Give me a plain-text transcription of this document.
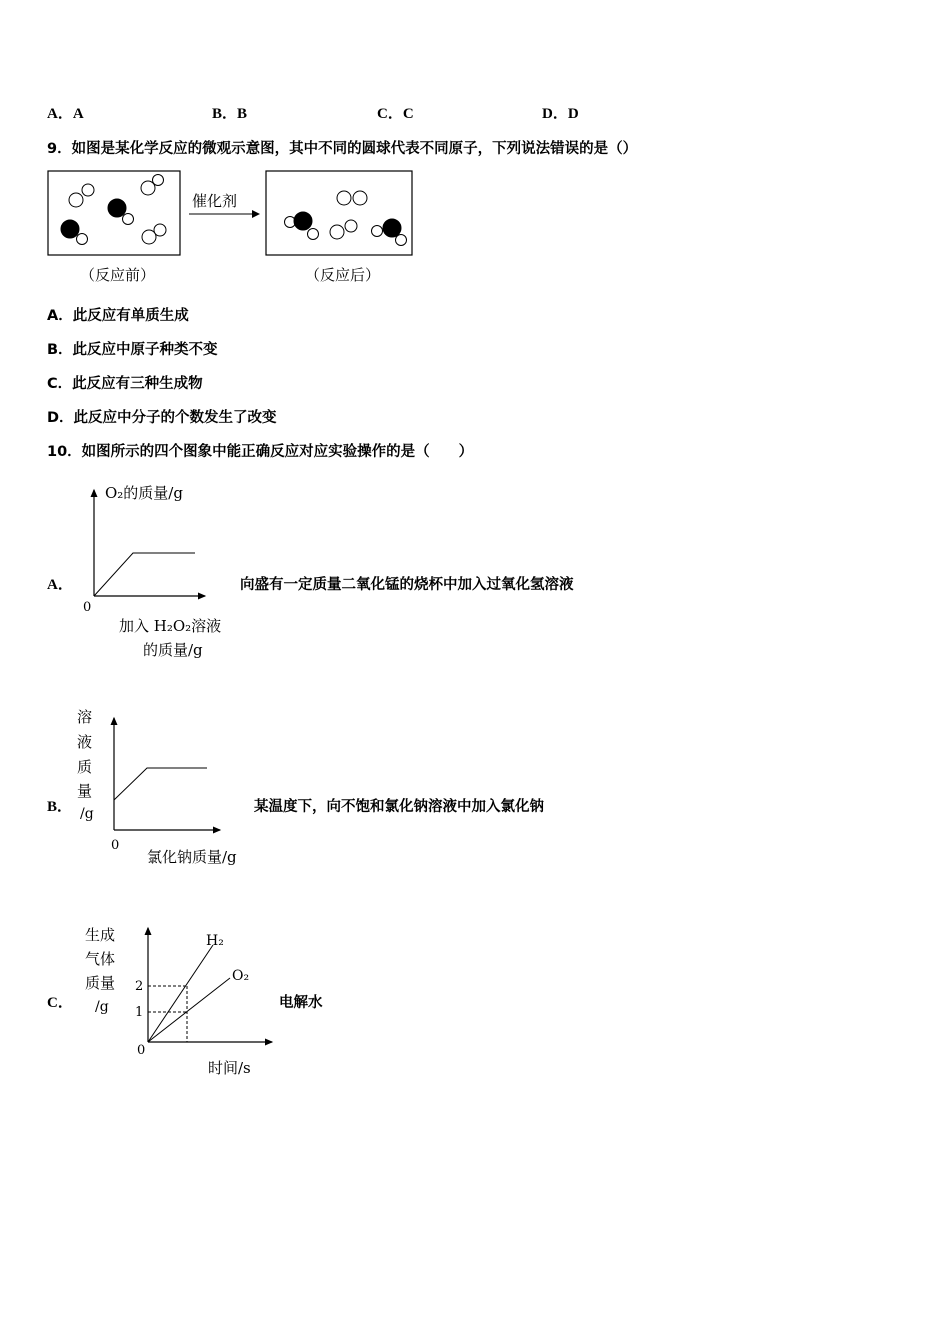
A．A	B．B	C．C	D．D
9．如图是某化学反应的微观示意图，其中不同的圆球代表不同原子，下列说法错误的是（）
催化剂
（反应前）	（反应后）
A．此反应有单质生成
B．此反应中原子种类不变
C．此反应有三种生成物
D．此反应中分子的个数发生了改变
10．如图所示的四个图象中能正确反应对应实验操作的是（　　）
A．
O₂的质量/g
0
加入 H₂O₂溶液
的质量/g
向盛有一定质量二氧化锰的烧杯中加入过氧化氢溶液
B．
溶
液
质
量
/g
0
氯化钠质量/g
某温度下，向不饱和氯化钠溶液中加入氯化钠
C．
生成
气体
质量
/g
2
1
0
H₂
O₂
时间/s
电解水
